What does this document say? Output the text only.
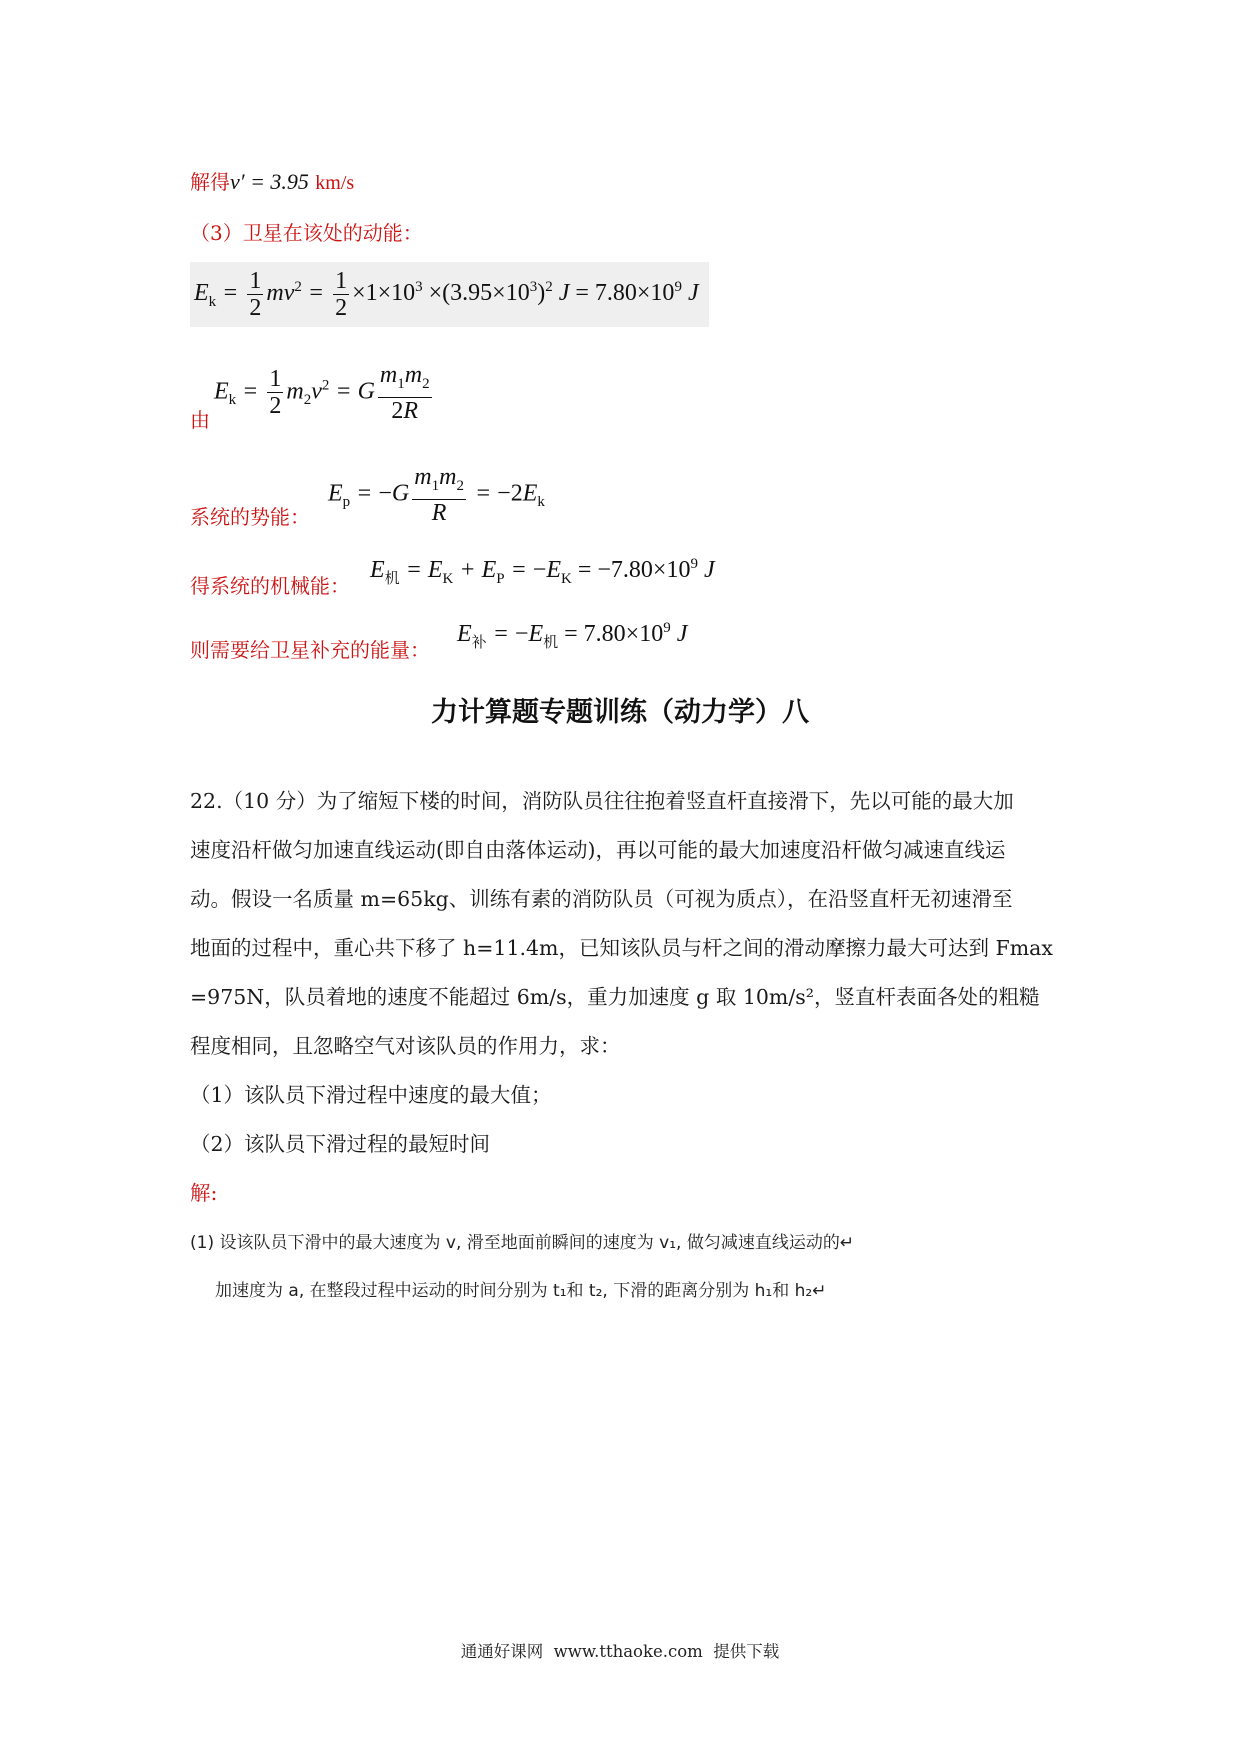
解得v′ = 3.95 km/s
（3）卫星在该处的动能：
$E_k = \frac{1}{2} mv^2 = \frac{1}{2} \times 1\times 10^3 \times(3.95\times 10^3)^2$ $J = 7.80\times 10^9$ J
由
$E_k = \frac{1}{2} m_2v^2 = G \frac{m_1m_2}{2R}$
系统的势能：
$E_p = -G \frac{m_1m_2}{R} = -2E_k$
得系统的机械能：
$E_机 = E_K + E_P = -E_K = -7.80\times 10^9$ J
则需要给卫星补充的能量：
$E_补 = -E_机 = 7.80\times 10^9$ J
力计算题专题训练（动力学）八
22.（10 分）为了缩短下楼的时间，消防队员往往抱着竖直杆直接滑下，先以可能的最大加
速度沿杆做匀加速直线运动(即自由落体运动)，再以可能的最大加速度沿杆做匀减速直线运
动。假设一名质量 m=65kg、训练有素的消防队员（可视为质点），在沿竖直杆无初速滑至
地面的过程中，重心共下移了 h=11.4m，已知该队员与杆之间的滑动摩擦力最大可达到 Fmax
=975N，队员着地的速度不能超过 6m/s，重力加速度 g 取 10m/s²，竖直杆表面各处的粗糙
程度相同，且忽略空气对该队员的作用力，求：
（1）该队员下滑过程中速度的最大值；
（2）该队员下滑过程的最短时间
解:
(1) 设该队员下滑中的最大速度为 v, 滑至地面前瞬间的速度为 v₁, 做匀减速直线运动的↵
加速度为 a, 在整段过程中运动的时间分别为 t₁和 t₂, 下滑的距离分别为 h₁和 h₂↵
通通好课网  www.tthaoke.com  提供下载
